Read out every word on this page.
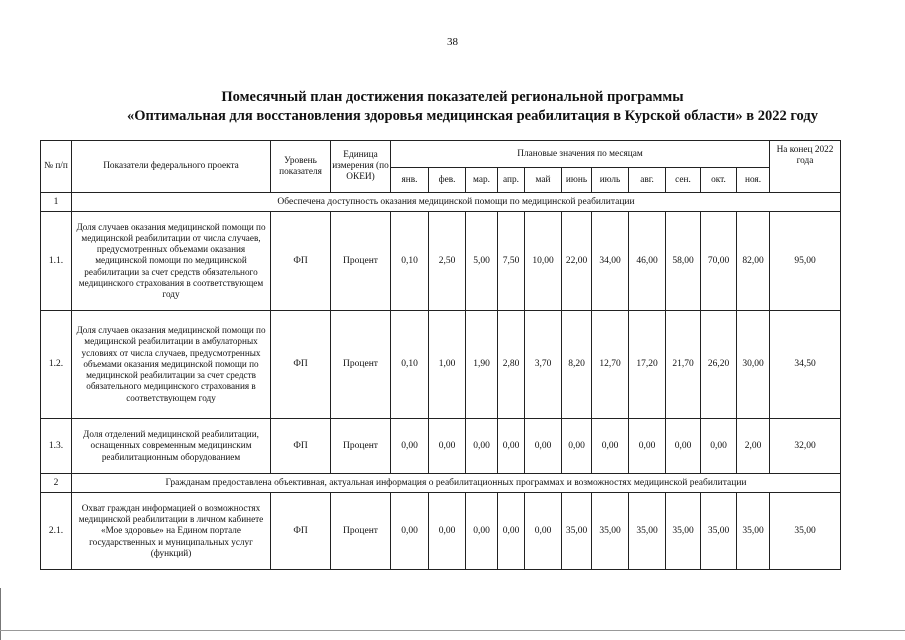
38
Помесячный план достижения показателей региональной программы
«Оптимальная для восстановления здоровья медицинская реабилитация в Курской области» в 2022 году
№ п/п	Показатели федерального проекта	Уровень показателя	Единица измерения (по ОКЕИ)	Плановые значения по месяцам											На конец 2022 года
				янв.	фев.	мар.	апр.	май	июнь	июль	авг.	сен.	окт.	ноя.	
1	Обеспечена доступность оказания медицинской помощи по медицинской реабилитации														
1.1.	Доля случаев оказания медицинской помощи по медицинской реабилитации от числа случаев, предусмотренных объемами оказания медицинской помощи по медицинской реабилитации за счет средств обязательного медицинского страхования в соответствующем году	ФП	Процент	0,10	2,50	5,00	7,50	10,00	22,00	34,00	46,00	58,00	70,00	82,00	95,00
1.2.	Доля случаев оказания медицинской помощи по медицинской реабилитации в амбулаторных условиях от числа случаев, предусмотренных объемами оказания медицинской помощи по медицинской реабилитации за счет средств обязательного медицинского страхования в соответствующем году	ФП	Процент	0,10	1,00	1,90	2,80	3,70	8,20	12,70	17,20	21,70	26,20	30,00	34,50
1.3.	Доля отделений медицинской реабилитации, оснащенных современным медицинским реабилитационным оборудованием	ФП	Процент	0,00	0,00	0,00	0,00	0,00	0,00	0,00	0,00	0,00	0,00	2,00	32,00
2	Гражданам предоставлена объективная, актуальная информация о реабилитационных программах и возможностях медицинской реабилитации														
2.1.	Охват граждан информацией о возможностях медицинской реабилитации в личном кабинете «Мое здоровье» на Едином портале государственных и муниципальных услуг (функций)	ФП	Процент	0,00	0,00	0,00	0,00	0,00	35,00	35,00	35,00	35,00	35,00	35,00	35,00
